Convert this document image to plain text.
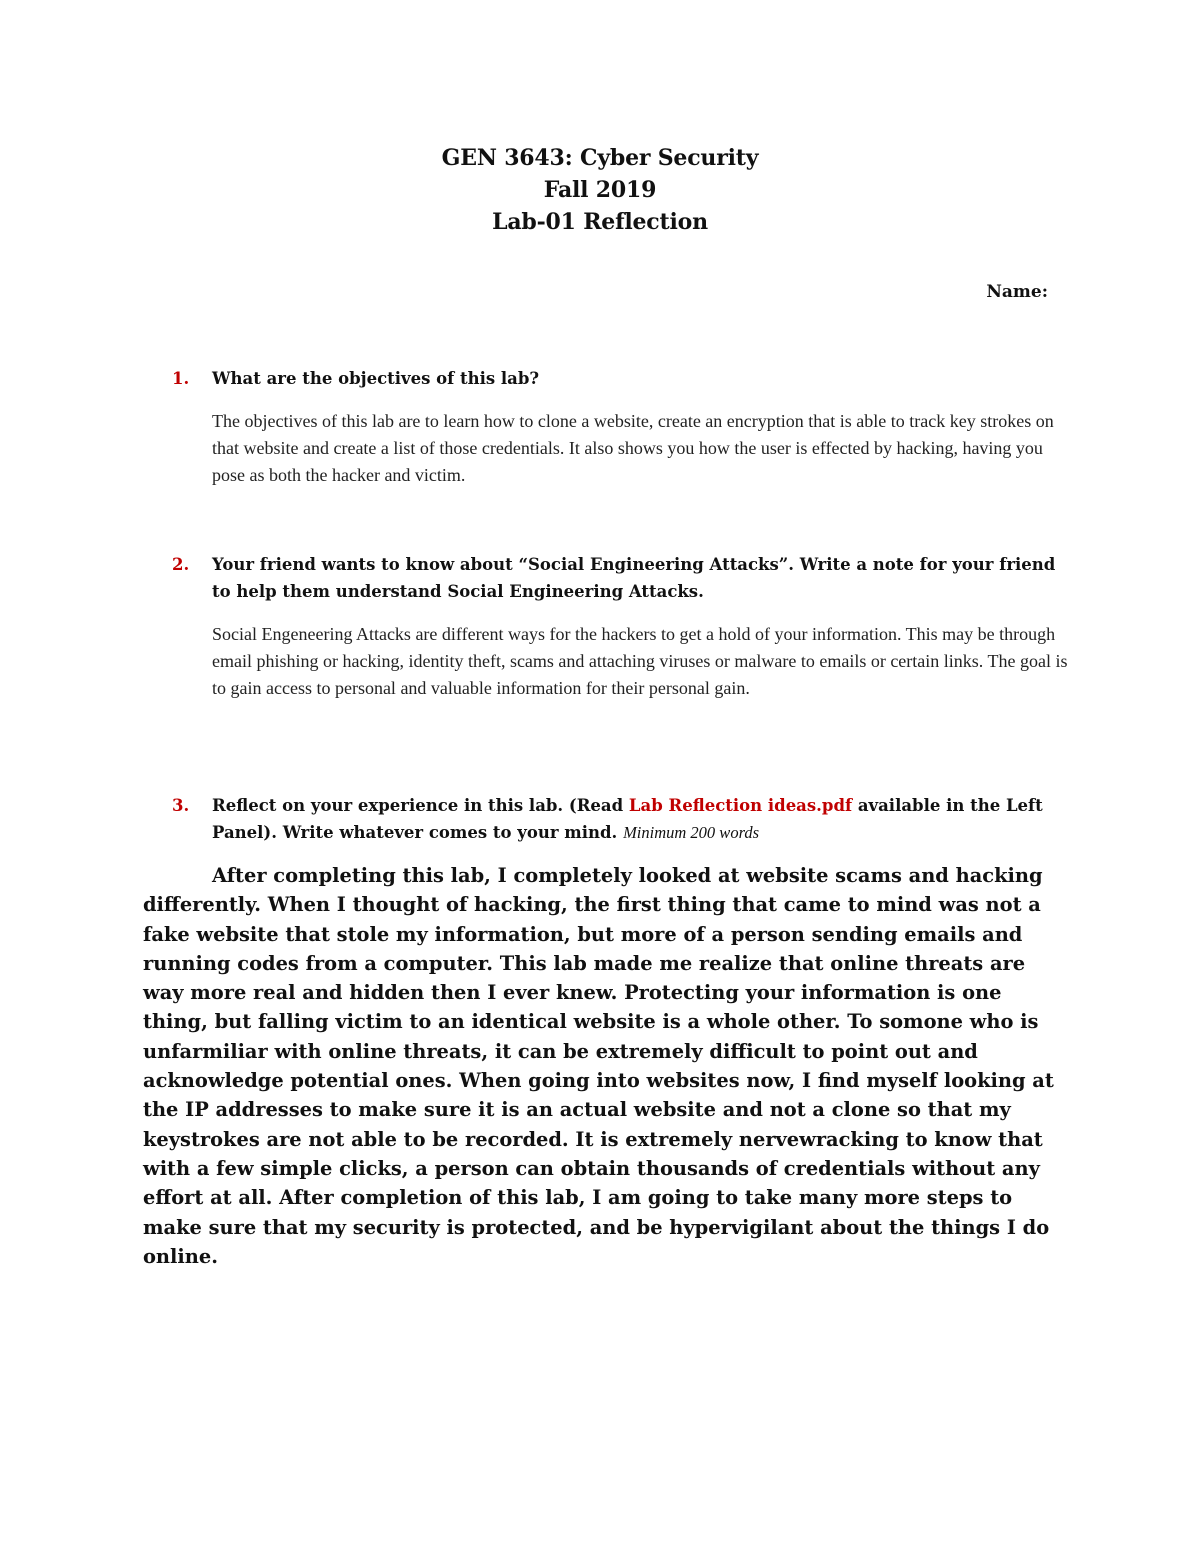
GEN 3643: Cyber Security
Fall 2019
Lab-01 Reflection
Name:
1. What are the objectives of this lab?
The objectives of this lab are to learn how to clone a website, create an encryption that is able to track key strokes on that website and create a list of those credentials. It also shows you how the user is effected by hacking, having you pose as both the hacker and victim.
2. Your friend wants to know about “Social Engineering Attacks”. Write a note for your friend to help them understand Social Engineering Attacks.
Social Engeneering Attacks are different ways for the hackers to get a hold of your information. This may be through email phishing or hacking, identity theft, scams and attaching viruses or malware to emails or certain links. The goal is to gain access to personal and valuable information for their personal gain.
3. Reflect on your experience in this lab. (Read Lab Reflection ideas.pdf available in the Left Panel). Write whatever comes to your mind. Minimum 200 words
After completing this lab, I completely looked at website scams and hacking differently. When I thought of hacking, the first thing that came to mind was not a fake website that stole my information, but more of a person sending emails and running codes from a computer. This lab made me realize that online threats are way more real and hidden then I ever knew. Protecting your information is one thing, but falling victim to an identical website is a whole other. To somone who is unfarmiliar with online threats, it can be extremely difficult to point out and acknowledge potential ones. When going into websites now, I find myself looking at the IP addresses to make sure it is an actual website and not a clone so that my keystrokes are not able to be recorded. It is extremely nervewracking to know that with a few simple clicks, a person can obtain thousands of credentials without any effort at all. After completion of this lab, I am going to take many more steps to make sure that my security is protected, and be hypervigilant about the things I do online.
